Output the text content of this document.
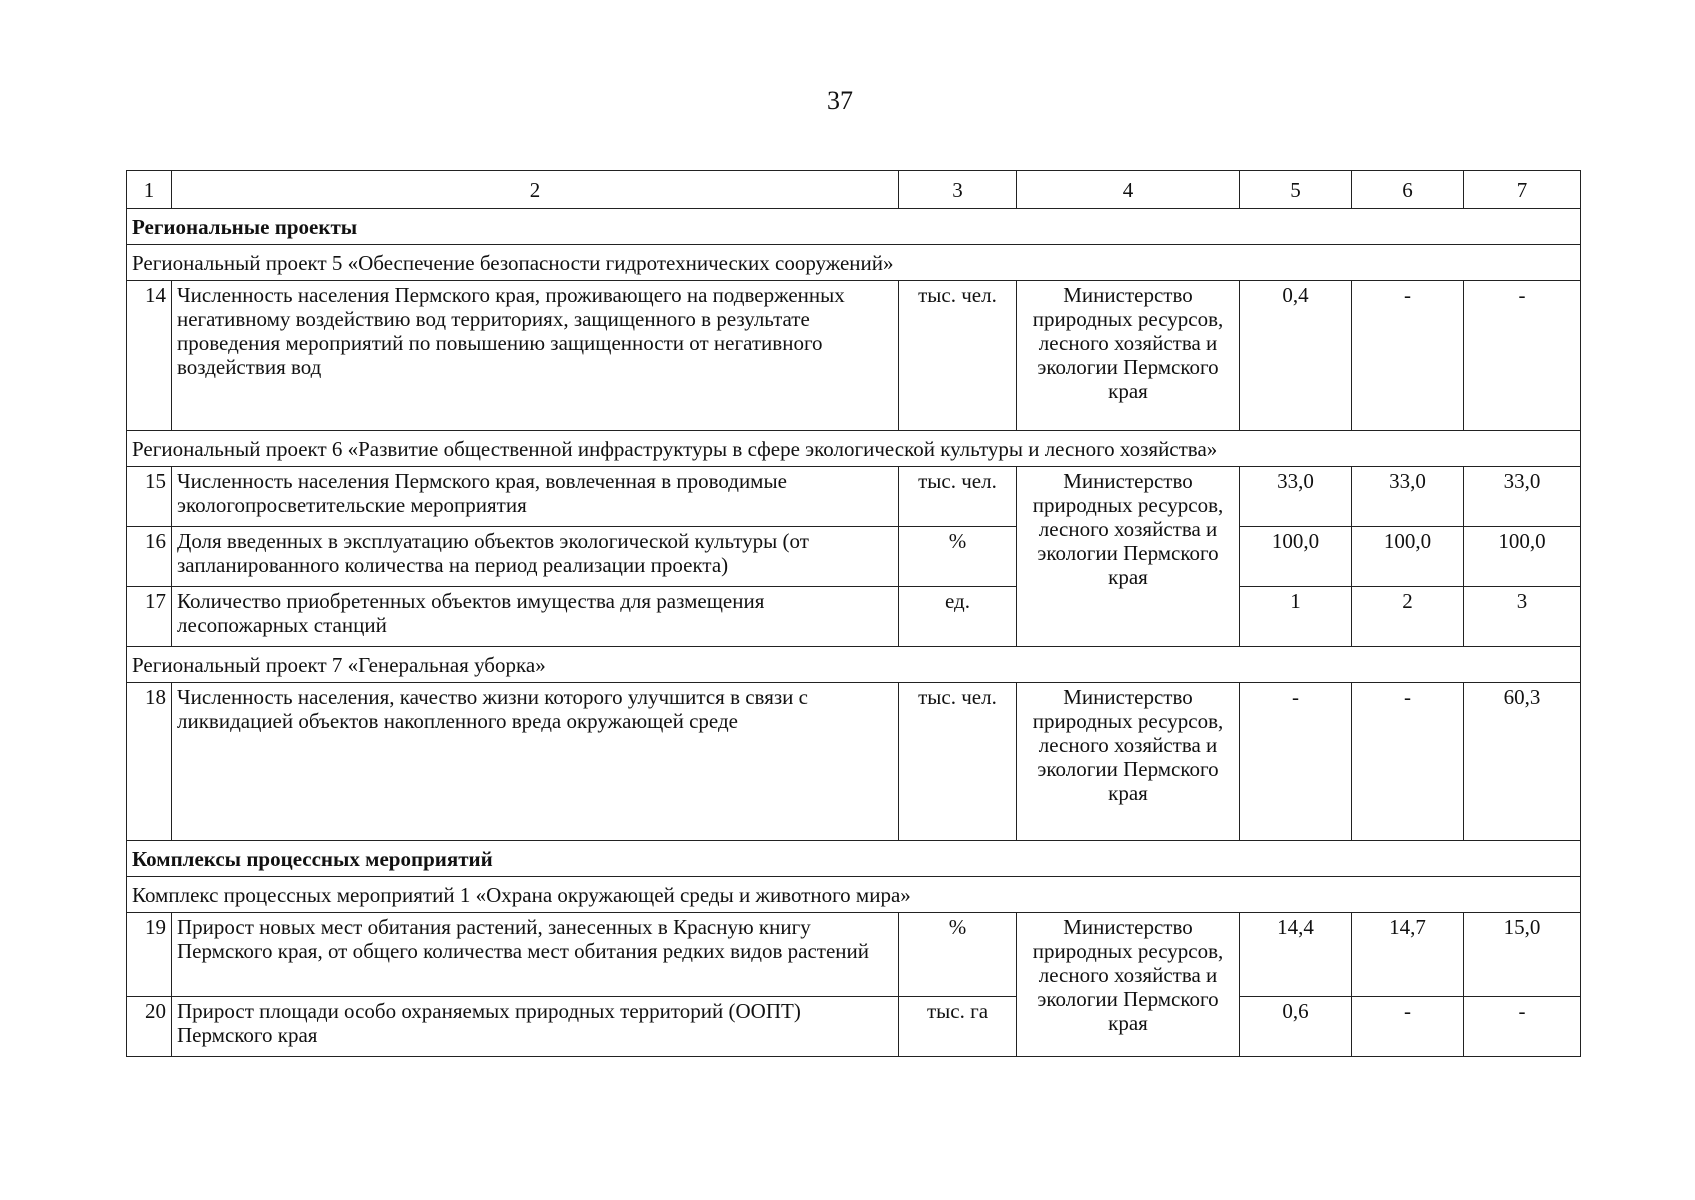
37
1	2	3	4	5	6	7
Региональные проекты						
Региональный проект 5 «Обеспечение безопасности гидротехнических сооружений»						
14	Численность населения Пермского края, проживающего на подверженных негативному воздействию вод территориях, защищенного в результате проведения мероприятий по повышению защищенности от негативного воздействия вод	тыс. чел.	Министерство природных ресурсов, лесного хозяйства и экологии Пермского края	0,4	-	-
Региональный проект 6 «Развитие общественной инфраструктуры в сфере экологической культуры и лесного хозяйства»						
15	Численность населения Пермского края, вовлеченная в проводимые экологопросветительские мероприятия	тыс. чел.	Министерство природных ресурсов, лесного хозяйства и экологии Пермского края	33,0	33,0	33,0
16	Доля введенных в эксплуатацию объектов экологической культуры (от запланированного количества на период реализации проекта)	%		100,0	100,0	100,0
17	Количество приобретенных объектов имущества для размещения лесопожарных станций	ед.		1	2	3
Региональный проект 7 «Генеральная уборка»						
18	Численность населения, качество жизни которого улучшится в связи с ликвидацией объектов накопленного вреда окружающей среде	тыс. чел.	Министерство природных ресурсов, лесного хозяйства и экологии Пермского края	-	-	60,3
Комплексы процессных мероприятий						
Комплекс процессных мероприятий 1 «Охрана окружающей среды и животного мира»						
19	Прирост новых мест обитания растений, занесенных в Красную книгу Пермского края, от общего количества мест обитания редких видов растений	%	Министерство природных ресурсов, лесного хозяйства и экологии Пермского края	14,4	14,7	15,0
20	Прирост площади особо охраняемых природных территорий (ООПТ) Пермского края	тыс. га		0,6	-	-
